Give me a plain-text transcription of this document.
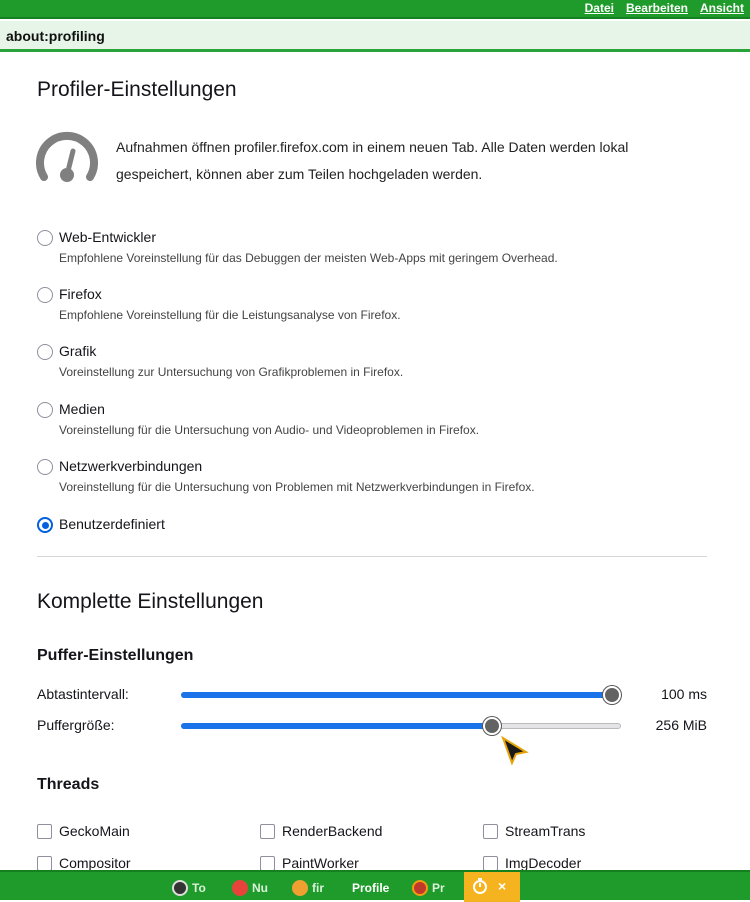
Datei Bearbeiten Ansicht
about:profiling
Profiler-Einstellungen
Aufnahmen öffnen profiler.firefox.com in einem neuen Tab. Alle Daten werden lokal gespeichert, können aber zum Teilen hochgeladen werden.
Web-Entwickler
Empfohlene Voreinstellung für das Debuggen der meisten Web-Apps mit geringem Overhead.
Firefox
Empfohlene Voreinstellung für die Leistungsanalyse von Firefox.
Grafik
Voreinstellung zur Untersuchung von Grafikproblemen in Firefox.
Medien
Voreinstellung für die Untersuchung von Audio- und Videoproblemen in Firefox.
Netzwerkverbindungen
Voreinstellung für die Untersuchung von Problemen mit Netzwerkverbindungen in Firefox.
Benutzerdefiniert
Komplette Einstellungen
Puffer-Einstellungen
Abtastintervall:	100 ms
Puffergröße:	256 MiB
Threads
GeckoMain	RenderBackend	StreamTrans
Compositor	PaintWorker	ImgDecoder
To	Nu	fir Profile	Pr	×
